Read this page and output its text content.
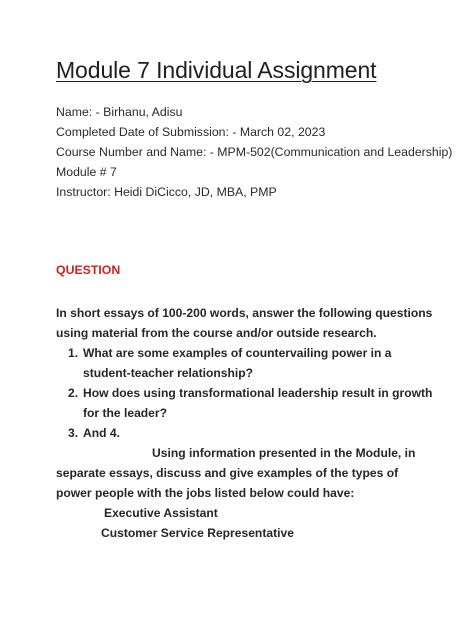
Module 7 Individual Assignment
Name: - Birhanu, Adisu
Completed Date of Submission: - March 02, 2023
Course Number and Name: - MPM-502(Communication and Leadership)
Module # 7
Instructor: Heidi DiCicco, JD, MBA, PMP
QUESTION

In short essays of 100-200 words, answer the following questions using material from the course and/or outside research.

1. What are some examples of countervailing power in a student-teacher relationship?
2. How does using transformational leadership result in growth for the leader?
3. And 4.

Using information presented in the Module, in separate essays, discuss and give examples of the types of power people with the jobs listed below could have:

Executive Assistant
Customer Service Representative
